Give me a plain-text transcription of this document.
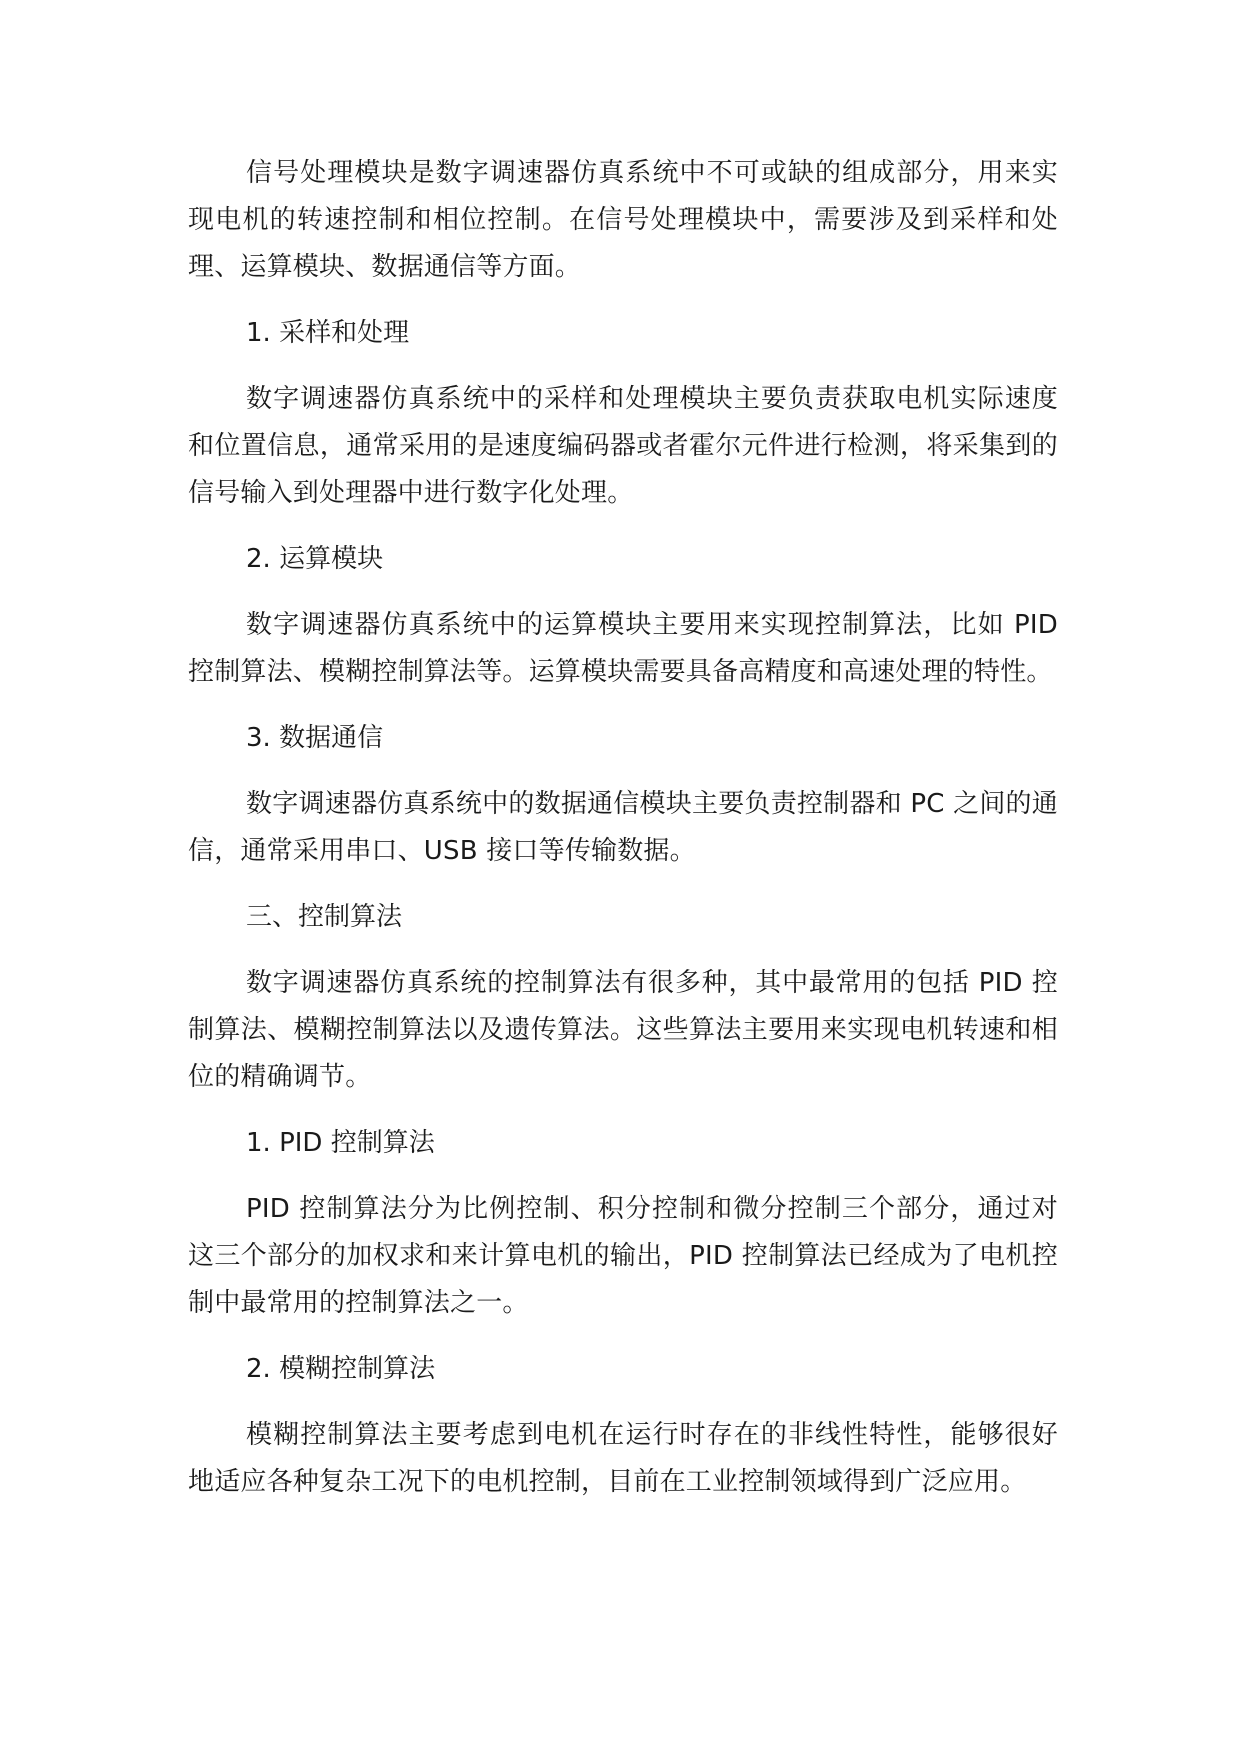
信号处理模块是数字调速器仿真系统中不可或缺的组成部分，用来实现电机的转速控制和相位控制。在信号处理模块中，需要涉及到采样和处理、运算模块、数据通信等方面。

1. 采样和处理

数字调速器仿真系统中的采样和处理模块主要负责获取电机实际速度和位置信息，通常采用的是速度编码器或者霍尔元件进行检测，将采集到的信号输入到处理器中进行数字化处理。

2. 运算模块

数字调速器仿真系统中的运算模块主要用来实现控制算法，比如 PID 控制算法、模糊控制算法等。运算模块需要具备高精度和高速处理的特性。

3. 数据通信

数字调速器仿真系统中的数据通信模块主要负责控制器和 PC 之间的通信，通常采用串口、USB 接口等传输数据。

三、控制算法

数字调速器仿真系统的控制算法有很多种，其中最常用的包括 PID 控制算法、模糊控制算法以及遗传算法。这些算法主要用来实现电机转速和相位的精确调节。

1. PID 控制算法

PID 控制算法分为比例控制、积分控制和微分控制三个部分，通过对这三个部分的加权求和来计算电机的输出，PID 控制算法已经成为了电机控制中最常用的控制算法之一。

2. 模糊控制算法

模糊控制算法主要考虑到电机在运行时存在的非线性特性，能够很好地适应各种复杂工况下的电机控制，目前在工业控制领域得到广泛应用。
